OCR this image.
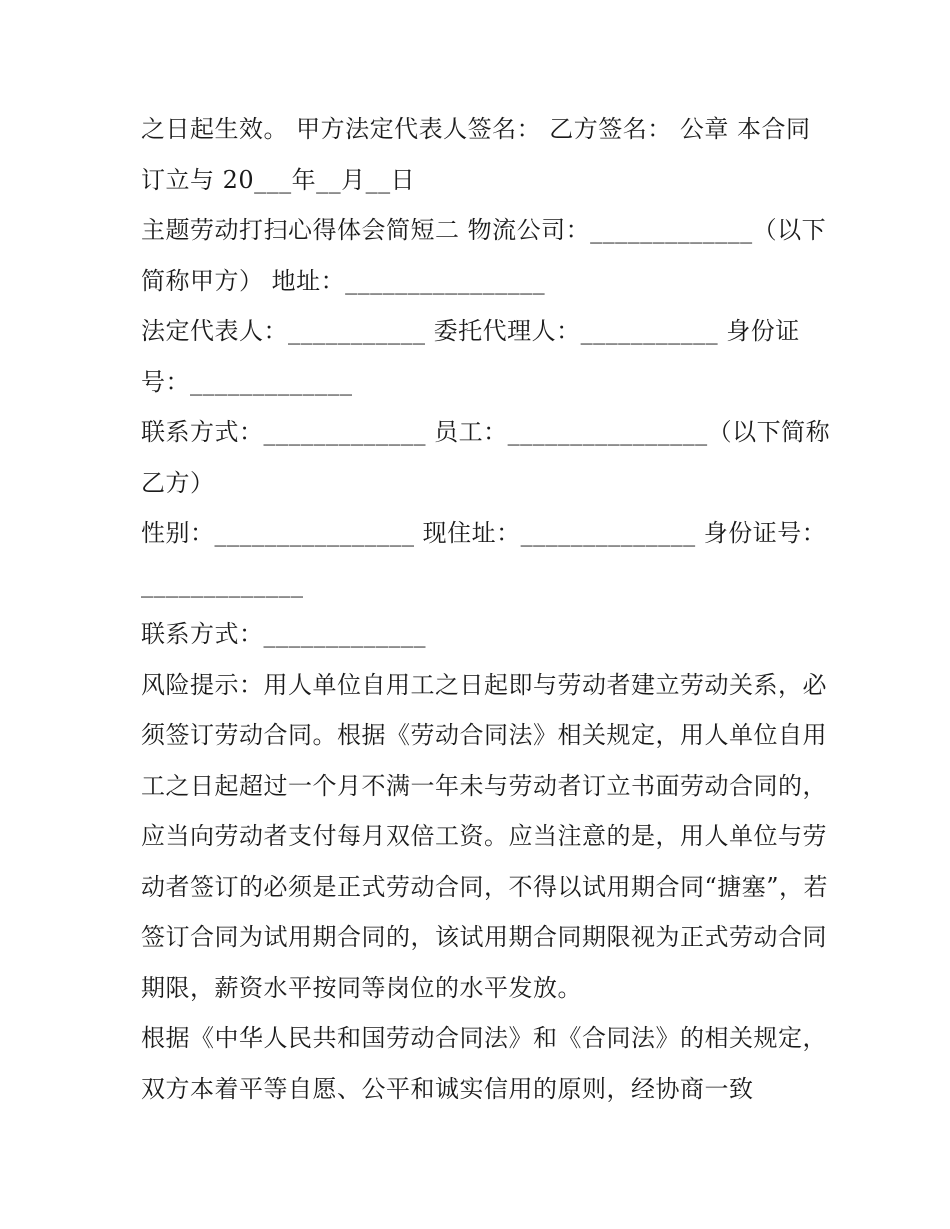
之日起生效。 甲方法定代表人签名： 乙方签名： 公章 本合同订立与 20___年__月__日

主题劳动打扫心得体会简短二 物流公司：_____________（以下简称甲方） 地址：________________

法定代表人：___________ 委托代理人：___________ 身份证号：_____________

联系方式：_____________ 员工：________________（以下简称乙方）

性别：________________ 现住址：______________ 身份证号：_____________

联系方式：_____________

风险提示：用人单位自用工之日起即与劳动者建立劳动关系，必须签订劳动合同。根据《劳动合同法》相关规定，用人单位自用工之日起超过一个月不满一年未与劳动者订立书面劳动合同的，应当向劳动者支付每月双倍工资。应当注意的是，用人单位与劳动者签订的必须是正式劳动合同，不得以试用期合同“搪塞”，若签订合同为试用期合同的，该试用期合同期限视为正式劳动合同期限，薪资水平按同等岗位的水平发放。

根据《中华人民共和国劳动合同法》和《合同法》的相关规定，双方本着平等自愿、公平和诚实信用的原则，经协商一致
